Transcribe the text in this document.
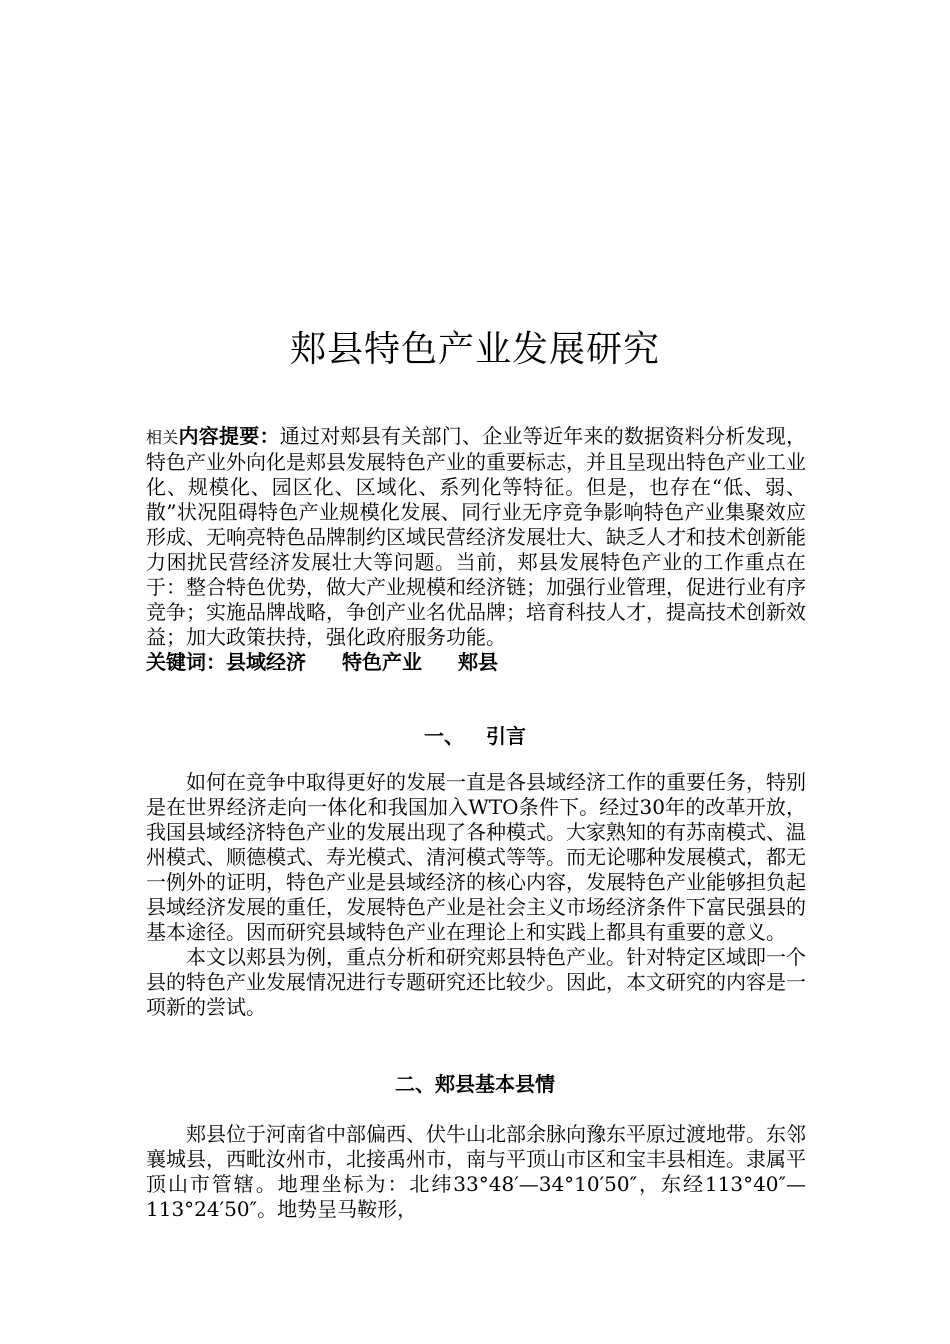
郏县特色产业发展研究

相关内容提要：通过对郏县有关部门、企业等近年来的数据资料分析发现，特色产业外向化是郏县发展特色产业的重要标志，并且呈现出特色产业工业化、规模化、园区化、区域化、系列化等特征。但是，也存在“低、弱、散”状况阻碍特色产业规模化发展、同行业无序竞争影响特色产业集聚效应形成、无响亮特色品牌制约区域民营经济发展壮大、缺乏人才和技术创新能力困扰民营经济发展壮大等问题。当前，郏县发展特色产业的工作重点在于：整合特色优势，做大产业规模和经济链；加强行业管理，促进行业有序竞争；实施品牌战略，争创产业名优品牌；培育科技人才，提高技术创新效益；加大政策扶持，强化政府服务功能。

关键词：县域经济 特色产业 郏县

一、 引言

如何在竞争中取得更好的发展一直是各县域经济工作的重要任务，特别是在世界经济走向一体化和我国加入WTO条件下。经过30年的改革开放，我国县域经济特色产业的发展出现了各种模式。大家熟知的有苏南模式、温州模式、顺德模式、寿光模式、清河模式等等。而无论哪种发展模式，都无一例外的证明，特色产业是县域经济的核心内容，发展特色产业能够担负起县域经济发展的重任，发展特色产业是社会主义市场经济条件下富民强县的基本途径。因而研究县域特色产业在理论上和实践上都具有重要的意义。

本文以郏县为例，重点分析和研究郏县特色产业。针对特定区域即一个县的特色产业发展情况进行专题研究还比较少。因此，本文研究的内容是一项新的尝试。

二、郏县基本县情

郏县位于河南省中部偏西、伏牛山北部余脉向豫东平原过渡地带。东邻襄城县，西毗汝州市，北接禹州市，南与平顶山市区和宝丰县相连。隶属平顶山市管辖。地理坐标为：北纬33°48′—34°10′50″，东经113°40″—113°24′50″。地势呈马鞍形，
